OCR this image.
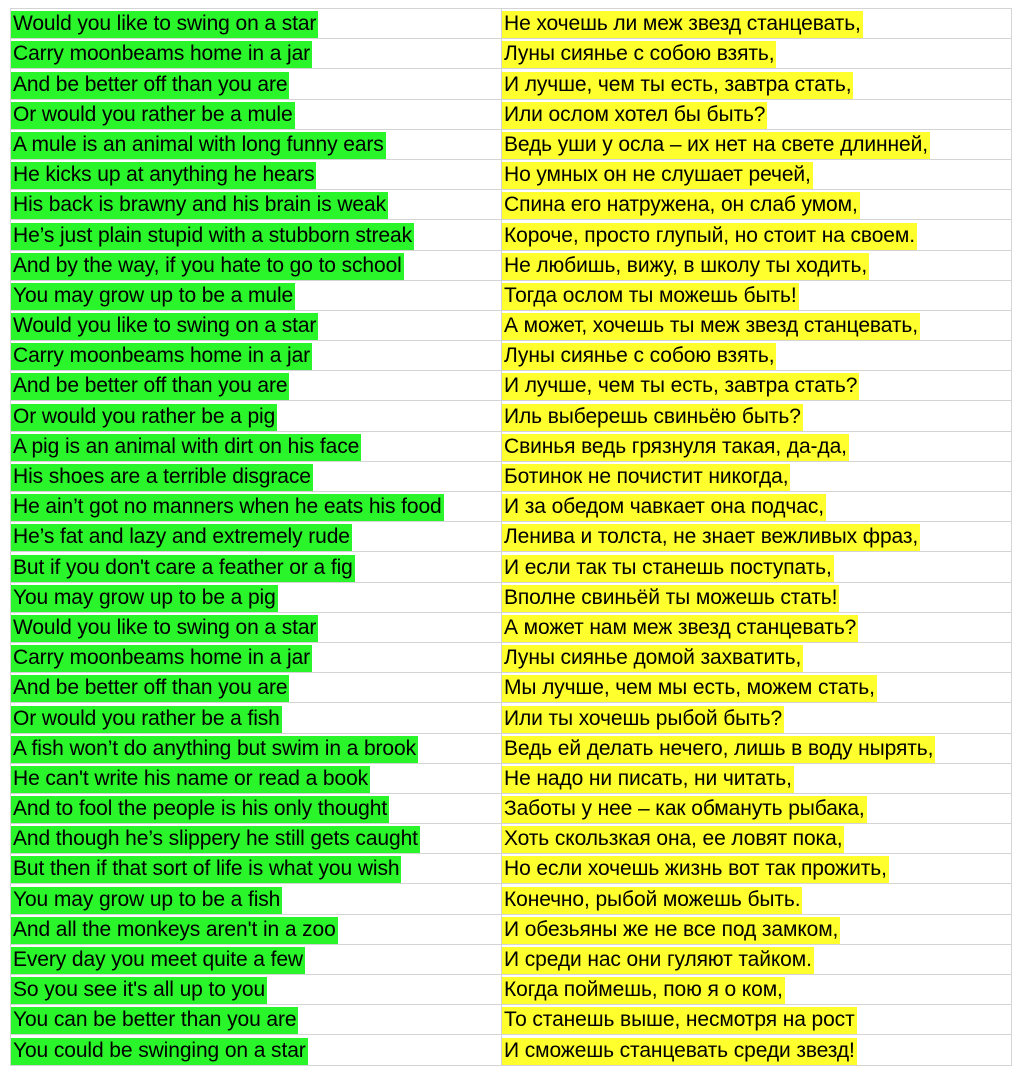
Would you like to swing on a star	Не хочешь ли меж звезд станцевать,
Carry moonbeams home in a jar	Луны сиянье с собою взять,
And be better off than you are	И лучше, чем ты есть, завтра стать,
Or would you rather be a mule	Или ослом хотел бы быть?
A mule is an animal with long funny ears	Ведь уши у осла – их нет на свете длинней,
He kicks up at anything he hears	Но умных он не слушает речей,
His back is brawny and his brain is weak	Спина его натружена, он слаб умом,
He’s just plain stupid with a stubborn streak	Короче, просто глупый, но стоит на своем.
And by the way, if you hate to go to school	Не любишь, вижу, в школу ты ходить,
You may grow up to be a mule	Тогда ослом ты можешь быть!
Would you like to swing on a star	А может, хочешь ты меж звезд станцевать,
Carry moonbeams home in a jar	Луны сиянье с собою взять,
And be better off than you are	И лучше, чем ты есть, завтра стать?
Or would you rather be a pig	Иль выберешь свиньёю быть?
A pig is an animal with dirt on his face	Свинья ведь грязнуля такая, да-да,
His shoes are a terrible disgrace	Ботинок не почистит никогда,
He ain’t got no manners when he eats his food	И за обедом чавкает она подчас,
He’s fat and lazy and extremely rude	Ленива и толста, не знает вежливых фраз,
But if you don't care a feather or a fig	И если так ты станешь поступать,
You may grow up to be a pig	Вполне свиньёй ты можешь стать!
Would you like to swing on a star	А может нам меж звезд станцевать?
Carry moonbeams home in a jar	Луны сиянье домой захватить,
And be better off than you are	Мы лучше, чем мы есть, можем стать,
Or would you rather be a fish	Или ты хочешь рыбой быть?
A fish won’t do anything but swim in a brook	Ведь ей делать нечего, лишь в воду нырять,
He can't write his name or read a book	Не надо ни писать, ни читать,
And to fool the people is his only thought	Заботы у нее – как обмануть рыбака,
And though he’s slippery he still gets caught	Хоть скользкая она, ее ловят пока,
But then if that sort of life is what you wish	Но если хочешь жизнь вот так прожить,
You may grow up to be a fish	Конечно, рыбой можешь быть.
And all the monkeys aren't in a zoo	И обезьяны же не все под замком,
Every day you meet quite a few	И среди нас они гуляют тайком.
So you see it's all up to you	Когда поймешь, пою я о ком,
You can be better than you are	То станешь выше, несмотря на рост
You could be swinging on a star	И сможешь станцевать среди звезд!
